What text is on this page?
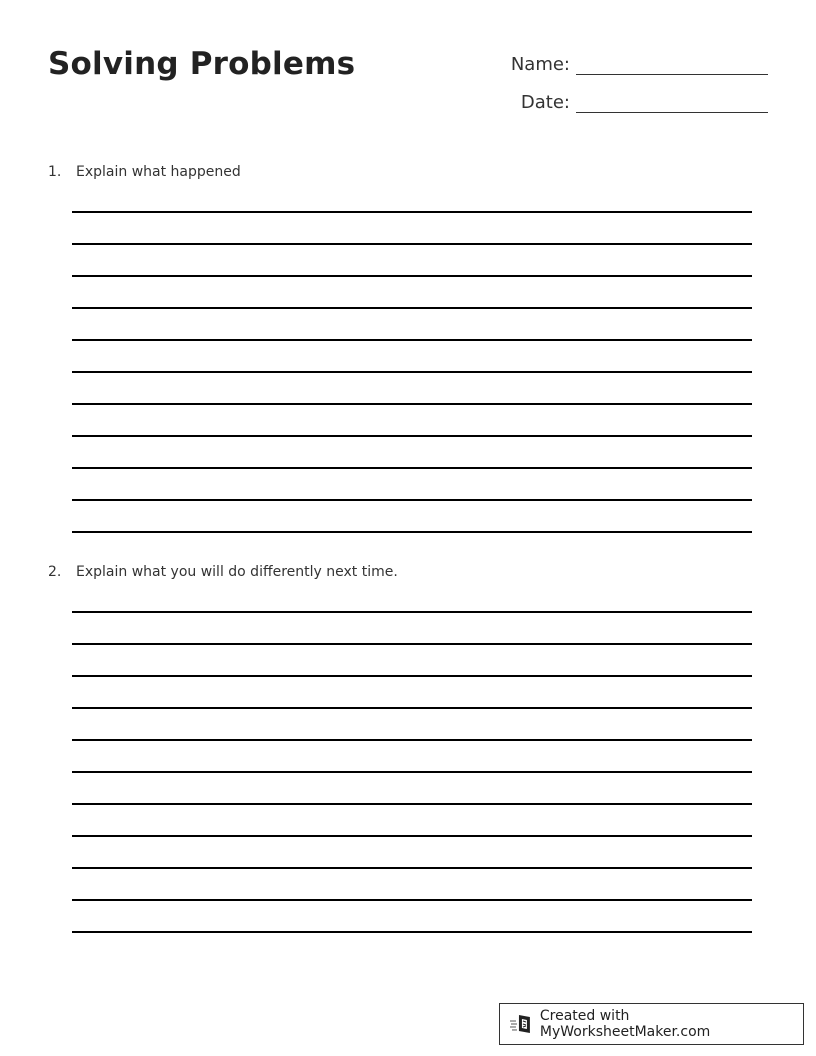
Solving Problems	Name:
Date:
1. Explain what happened
2. Explain what you will do differently next time.
Created with MyWorksheetMaker.com
